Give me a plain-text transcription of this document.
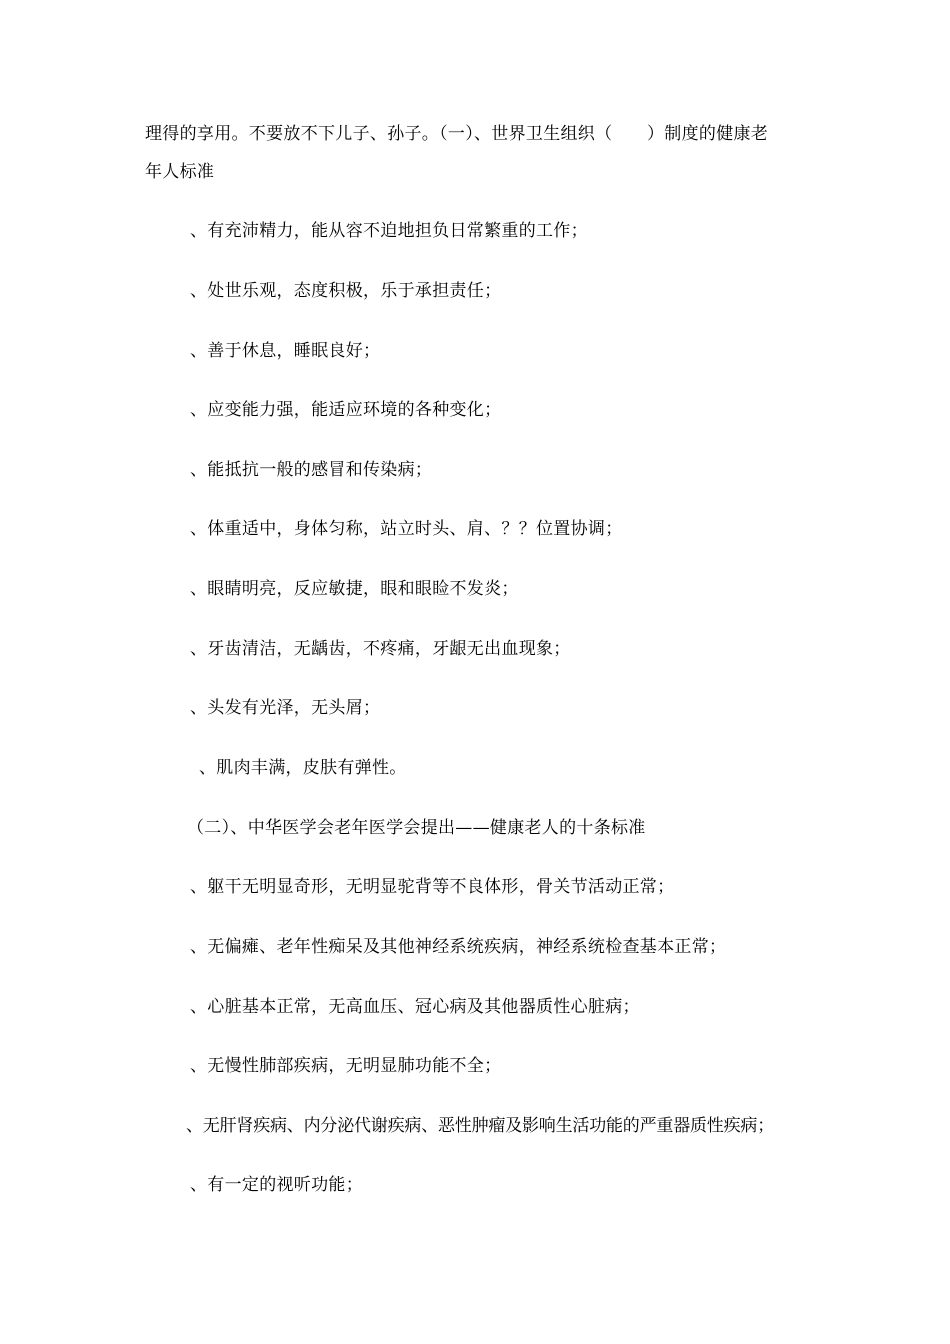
理得的享用。不要放不下儿子、孙子。（一）、世界卫生组织（　　）制度的健康老
年人标准
、有充沛精力，能从容不迫地担负日常繁重的工作；
、处世乐观，态度积极，乐于承担责任；
、善于休息，睡眠良好；
、应变能力强，能适应环境的各种变化；
、能抵抗一般的感冒和传染病；
、体重适中，身体匀称，站立时头、肩、？？位置协调；
、眼睛明亮，反应敏捷，眼和眼睑不发炎；
、牙齿清洁，无龋齿，不疼痛，牙龈无出血现象；
、头发有光泽，无头屑；
、肌肉丰满，皮肤有弹性。
（二）、中华医学会老年医学会提出——健康老人的十条标准
、躯干无明显奇形，无明显驼背等不良体形，骨关节活动正常；
、无偏瘫、老年性痴呆及其他神经系统疾病，神经系统检查基本正常；
、心脏基本正常，无高血压、冠心病及其他器质性心脏病；
、无慢性肺部疾病，无明显肺功能不全；
、无肝肾疾病、内分泌代谢疾病、恶性肿瘤及影响生活功能的严重器质性疾病；
、有一定的视听功能；
